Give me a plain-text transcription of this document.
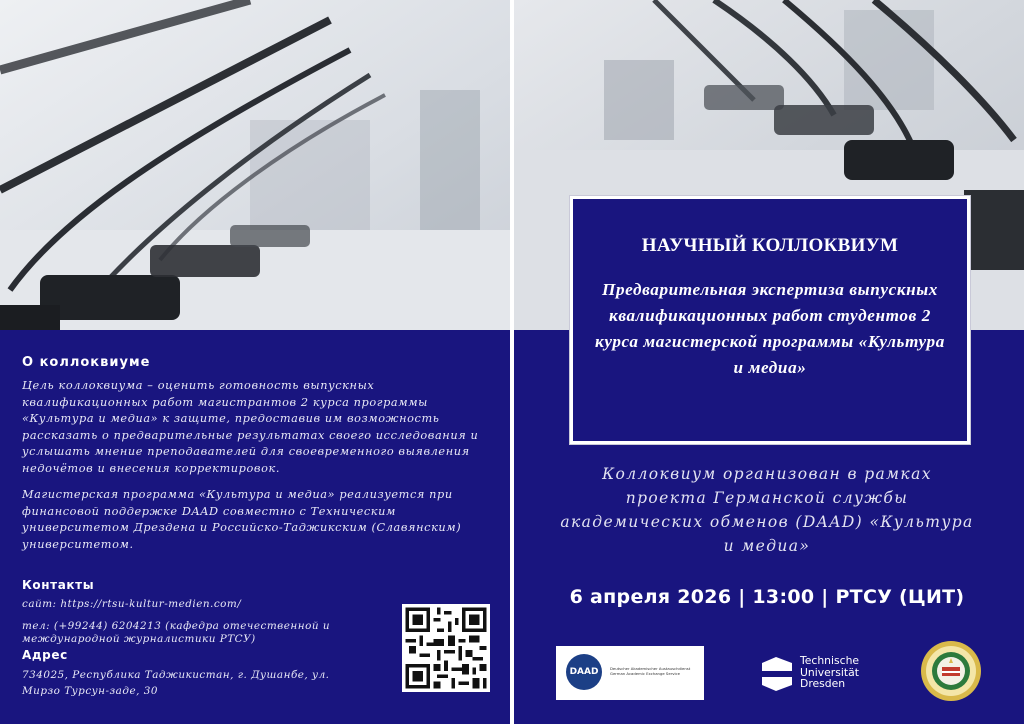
О коллоквиуме

Цель коллоквиума – оценить готовность выпускных квалификационных работ магистрантов 2 курса программы «Культура и медиа» к защите, предоставив им возможность рассказать о предварительные результатах своего исследования и услышать мнение преподавателей для своевременного выявления недочётов и внесения корректировок.

Магистерская программа «Культура и медиа» реализуется при финансовой поддержке DAAD совместно с Техническим университетом Дрездена и Российско-Таджикским (Славянским) университетом.

Контакты
сайт: https://rtsu-kultur-medien.com/
тел: (+99244) 6204213 (кафедра отечественной и международной журналистики РТСУ)
Адрес
734025, Республика Таджикистан, г. Душанбе, ул. Мирзо Турсун-заде, 30
НАУЧНЫЙ КОЛЛОКВИУМ

Предварительная экспертиза выпускных квалификационных работ студентов 2 курса магистерской программы «Культура и медиа»

Коллоквиум организован в рамках проекта Германской службы академических обменов (DAAD) «Культура и медиа»

6 апреля 2026 | 13:00 | РТСУ (ЦИТ)
DAAD	Deutscher Akademischer Austauschdienst German Academic Exchange Service

Technische
Universität
Dresden
